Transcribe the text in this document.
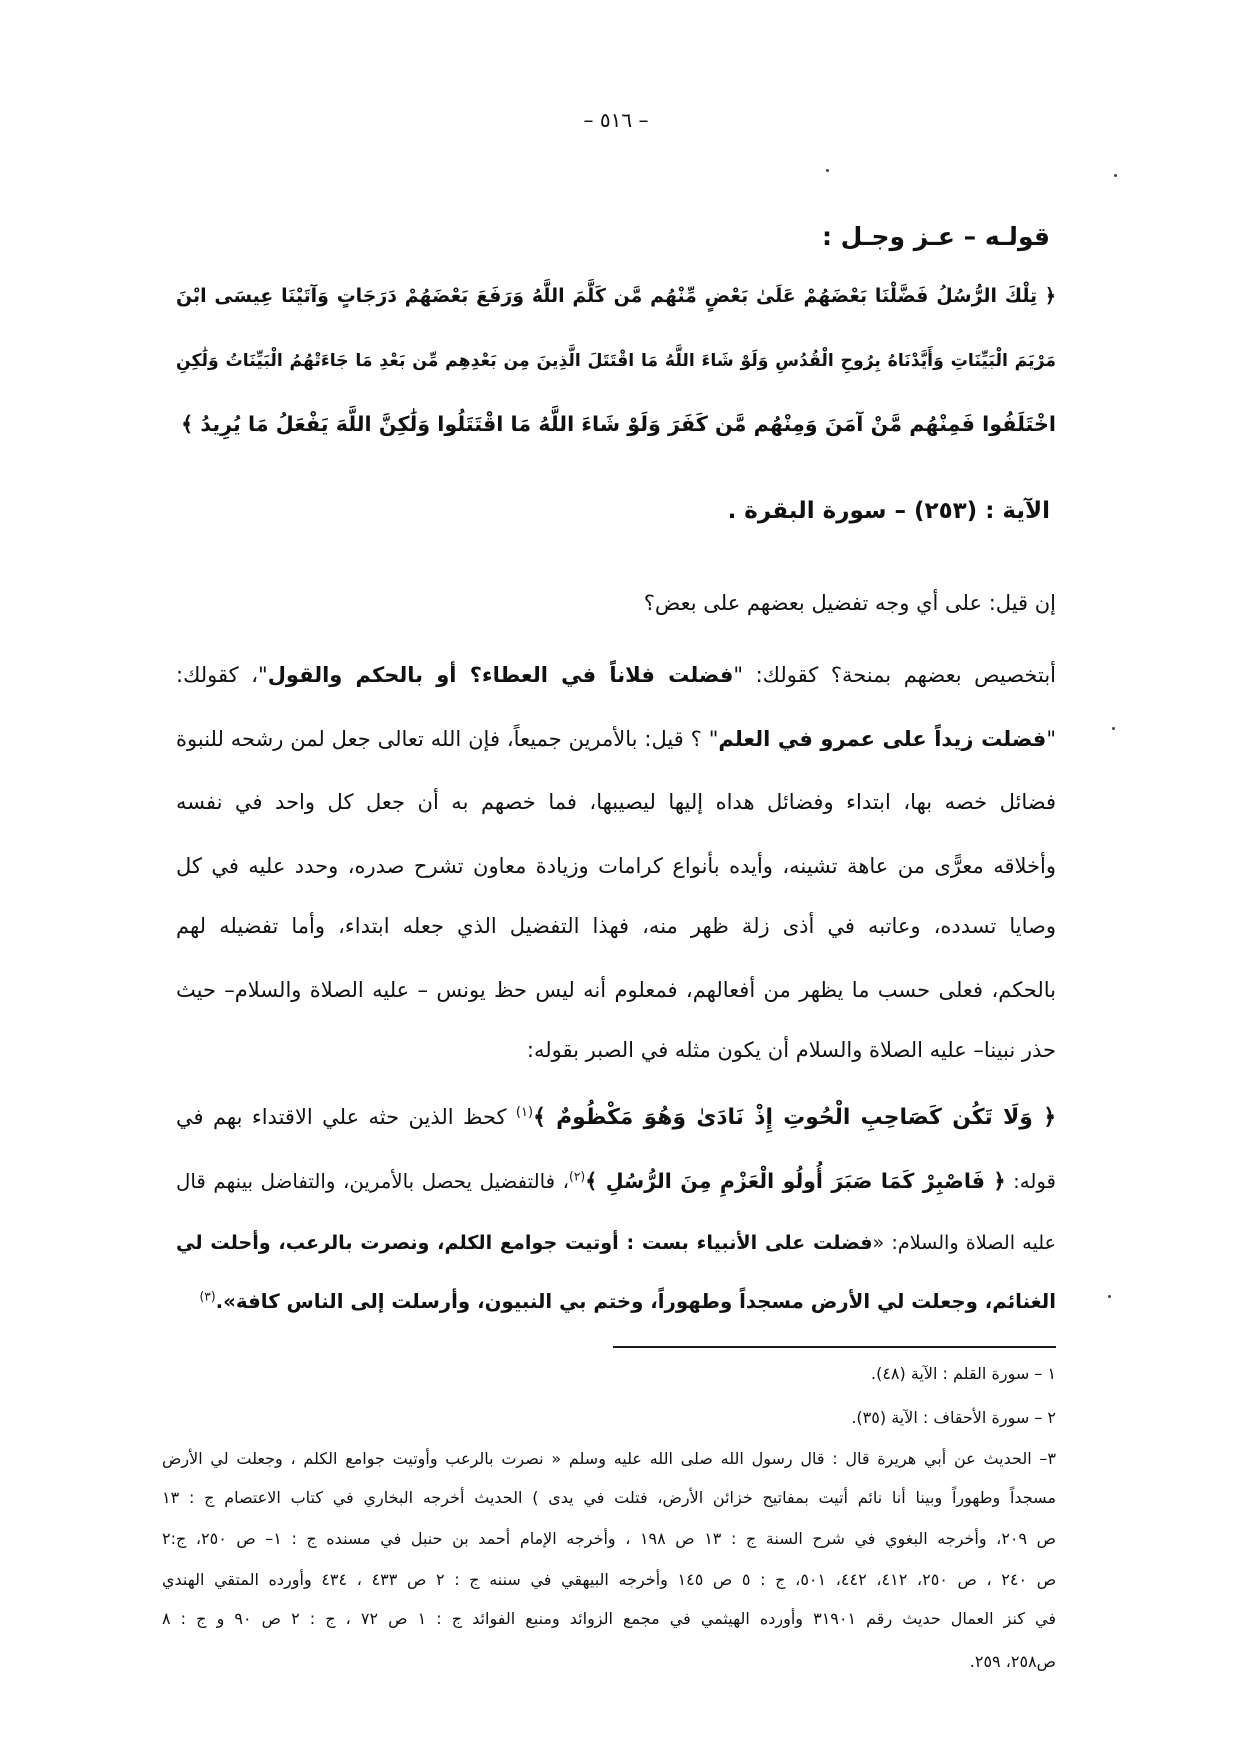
– ٥١٦ –
قولـه – عـز وجـل :
﴿ تِلْكَ الرُّسُلُ فَضَّلْنَا بَعْضَهُمْ عَلَىٰ بَعْضٍ مِّنْهُم مَّن كَلَّمَ اللَّهُ وَرَفَعَ بَعْضَهُمْ دَرَجَاتٍ وَآتَيْنَا عِيسَى ابْنَ
مَرْيَمَ الْبَيِّنَاتِ وَأَيَّدْنَاهُ بِرُوحِ الْقُدُسِ وَلَوْ شَاءَ اللَّهُ مَا اقْتَتَلَ الَّذِينَ مِن بَعْدِهِم مِّن بَعْدِ مَا جَاءَتْهُمُ الْبَيِّنَاتُ وَلَٰكِنِ
اخْتَلَفُوا فَمِنْهُم مَّنْ آمَنَ وَمِنْهُم مَّن كَفَرَ وَلَوْ شَاءَ اللَّهُ مَا اقْتَتَلُوا وَلَٰكِنَّ اللَّهَ يَفْعَلُ مَا يُرِيدُ ﴾
الآية : (٢٥٣) – سورة البقرة .
إن قيل: على أي وجه تفضيل بعضهم على بعض؟
أبتخصيص بعضهم بمنحة؟ كقولك: "فضلت فلاناً في العطاء؟ أو بالحكم والقول"، كقولك:
"فضلت زيداً على عمرو في العلم" ؟ قيل: بالأمرين جميعاً، فإن الله تعالى جعل لمن رشحه للنبوة
فضائل خصه بها، ابتداء وفضائل هداه إليها ليصيبها، فما خصهم به أن جعل كل واحد في نفسه
وأخلاقه معرًّى من عاهة تشينه، وأيده بأنواع كرامات وزيادة معاون تشرح صدره، وحدد عليه في كل
وصايا تسدده، وعاتبه في أذى زلة ظهر منه، فهذا التفضيل الذي جعله ابتداء، وأما تفضيله لهم
بالحكم، فعلى حسب ما يظهر من أفعالهم، فمعلوم أنه ليس حظ يونس – عليه الصلاة والسلام– حيث
حذر نبينا– عليه الصلاة والسلام أن يكون مثله في الصبر بقوله:
﴿ وَلَا تَكُن كَصَاحِبِ الْحُوتِ إِذْ نَادَىٰ وَهُوَ مَكْظُومٌ ﴾$^{(١)}$ كحظ الذين حثه علي الاقتداء بهم في
قوله: ﴿ فَاصْبِرْ كَمَا صَبَرَ أُولُو الْعَزْمِ مِنَ الرُّسُلِ ﴾$^{(٢)}$، فالتفضيل يحصل بالأمرين، والتفاضل بينهم قال
عليه الصلاة والسلام: «فضلت على الأنبياء بست : أوتيت جوامع الكلم، ونصرت بالرعب، وأحلت لي
الغنائم، وجعلت لي الأرض مسجداً وطهوراً، وختم بي النبيون، وأرسلت إلى الناس كافة».$^{(٣)}$
١ – سورة القلم : الآية (٤٨).
٢ – سورة الأحقاف : الآية (٣٥).
٣– الحديث عن أبي هريرة قال : قال رسول الله صلى الله عليه وسلم « نصرت بالرعب وأوتيت جوامع الكلم ، وجعلت لي الأرض
مسجداً وطهوراً وبينا أنا نائم أتيت بمفاتيح خزائن الأرض، فتلت في يدى ) الحديث أخرجه البخاري في كتاب الاعتصام ج : ١٣
ص ٢٠٩، وأخرجه البغوي في شرح السنة ج : ١٣ ص ١٩٨ ، وأخرجه الإمام أحمد بن حنبل في مسنده ج : ١– ص ٢٥٠، ج:٢
ص ٢٤٠ ، ص ٢٥٠، ٤١٢، ٤٤٢، ٥٠١، ج : ٥ ص ١٤٥ وأخرجه البيهقي في سننه ج : ٢ ص ٤٣٣ ، ٤٣٤ وأورده المتقي الهندي
في كنز العمال حديث رقم ٣١٩٠١ وأورده الهيثمي في مجمع الزوائد ومنبع الفوائد ج : ١ ص ٧٢ ، ج : ٢ ص ٩٠ و ج : ٨
ص٢٥٨، ٢٥٩.
